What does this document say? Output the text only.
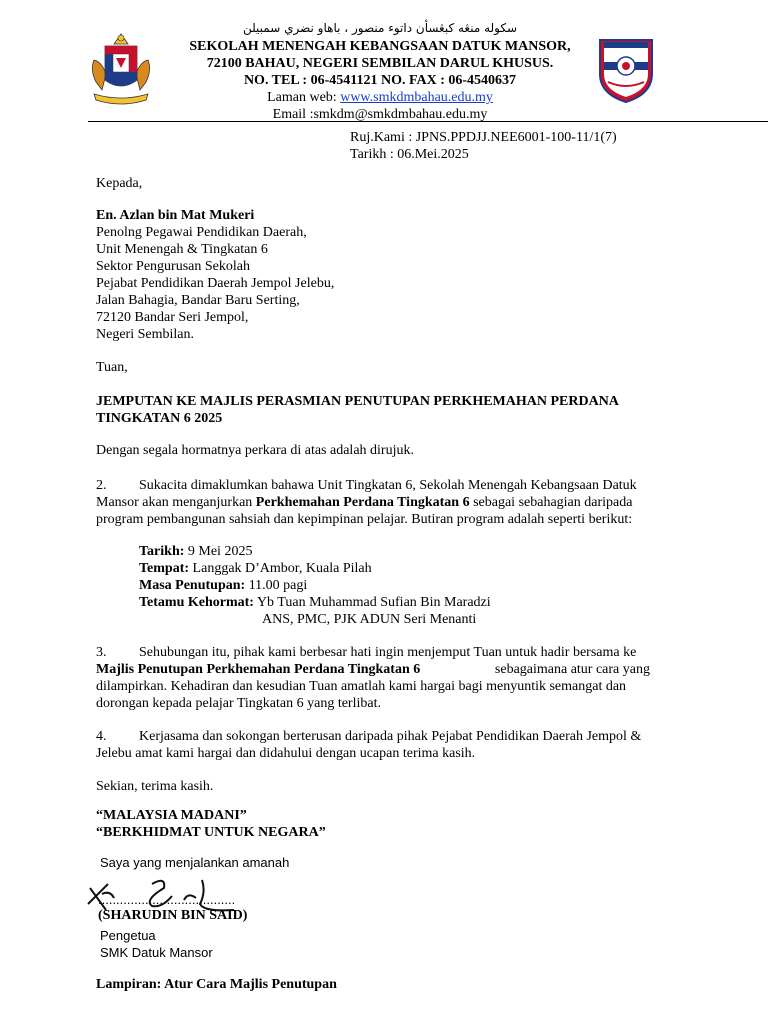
سکوله منڠه کبڠسأن داتوء منصور ، باهاو نضري سمبيلن
SEKOLAH MENENGAH KEBANGSAAN DATUK MANSOR,
72100 BAHAU, NEGERI SEMBILAN DARUL KHUSUS.
NO. TEL : 06-4541121 NO. FAX : 06-4540637
Laman web: www.smkdmbahau.edu.my
Email :smkdm@smkdmbahau.edu.my
Ruj.Kami : JPNS.PPDJJ.NEE6001-100-11/1(7)
Tarikh : 06.Mei.2025
Kepada,
En. Azlan bin Mat Mukeri
Penolng Pegawai Pendidikan Daerah,
Unit Menengah & Tingkatan 6
Sektor Pengurusan Sekolah
Pejabat Pendidikan Daerah Jempol Jelebu,
Jalan Bahagia, Bandar Baru Serting,
72120 Bandar Seri Jempol,
Negeri Sembilan.
Tuan,
JEMPUTAN KE MAJLIS PERASMIAN PENUTUPAN PERKHEMAHAN PERDANA
TINGKATAN 6 2025
Dengan segala hormatnya perkara di atas adalah dirujuk.
2. Sukacita dimaklumkan bahawa Unit Tingkatan 6, Sekolah Menengah Kebangsaan Datuk
Mansor akan menganjurkan Perkhemahan Perdana Tingkatan 6 sebagai sebahagian daripada
program pembangunan sahsiah dan kepimpinan pelajar. Butiran program adalah seperti berikut:
Tarikh: 9 Mei 2025
Tempat: Langgak D’Ambor, Kuala Pilah
Masa Penutupan: 11.00 pagi
Tetamu Kehormat: Yb Tuan Muhammad Sufian Bin Maradzi
ANS, PMC, PJK ADUN Seri Menanti
3. Sehubungan itu, pihak kami berbesar hati ingin menjemput Tuan untuk hadir bersama ke
Majlis Penutupan Perkhemahan Perdana Tingkatan 6	sebagaimana atur cara yang
dilampirkan. Kehadiran dan kesudian Tuan amatlah kami hargai bagi menyuntik semangat dan
dorongan kepada pelajar Tingkatan 6 yang terlibat.
4. Kerjasama dan sokongan berterusan daripada pihak Pejabat Pendidikan Daerah Jempol &
Jelebu amat kami hargai dan didahului dengan ucapan terima kasih.
Sekian, terima kasih.
“MALAYSIA MADANI”
“BERKHIDMAT UNTUK NEGARA”
Saya yang menjalankan amanah
......................................
(SHARUDIN BIN SAID)
Pengetua
SMK Datuk Mansor
Lampiran: Atur Cara Majlis Penutupan
